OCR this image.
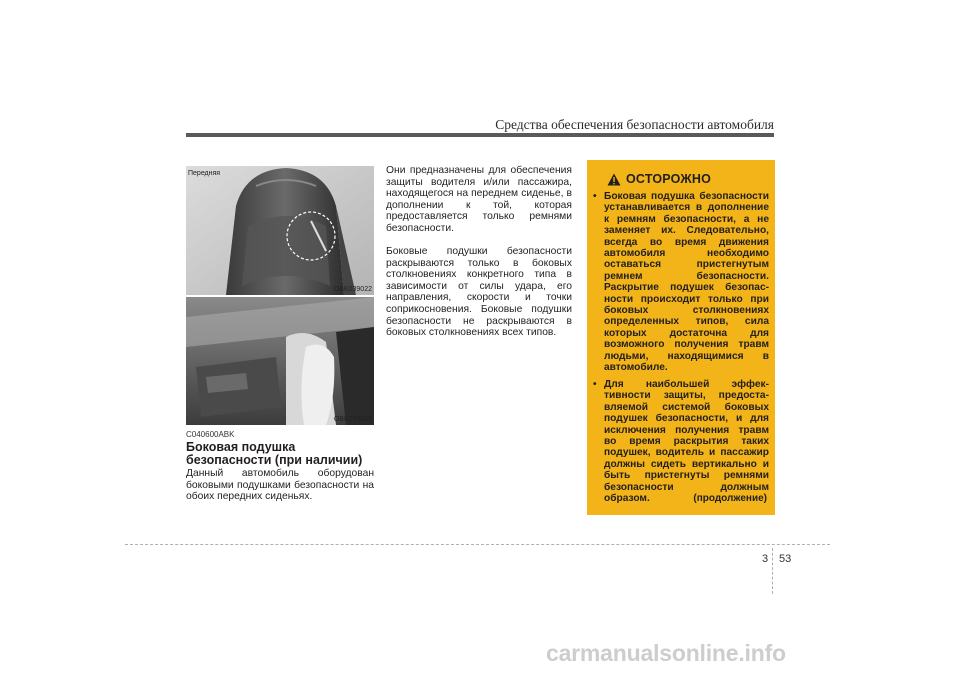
Средства обеспечения безопасности автомобиля
Передняя
OBK039022
OBK039038
C040600ABK
Боковая подушка безопасности (при наличии)
Данный автомобиль оборудован боковыми подушками безопасности на обоих передних сиденьях.
Они предназначены для обеспечения защиты водителя и/или пассажира, находящегося на переднем сиденье, в дополнении к той, которая предоставляется только ремнями безопасности.
Боковые подушки безопасности раскрываются только в боковых столкновениях конкретного типа в зависимости от силы удара, его направления, скорости и точки соприкосновения. Боковые подушки безопасности не раскрываются в боковых столкновениях всех типов.
ОСТОРОЖНО
• Боковая подушка безопасности устанавливается в дополнение к ремням безопасности, а не заменяет их. Следовательно, всегда во время движения автомобиля необходимо оставаться пристегнутым ремнем безопасности. Раскрытие подушек безопас-ности происходит только при боковых столкновениях определенных типов, сила которых достаточна для возможного получения травм людьми, находящимися в автомобиле.
• Для наибольшей эффек-тивности защиты, предоста-вляемой системой боковых подушек безопасности, и для исключения получения травм во время раскрытия таких подушек, водитель и пассажир должны сидеть вертикально и быть пристегнуты ремнями безопасности должным образом.	(продолжение)
3 53
carmanualsonline.info
